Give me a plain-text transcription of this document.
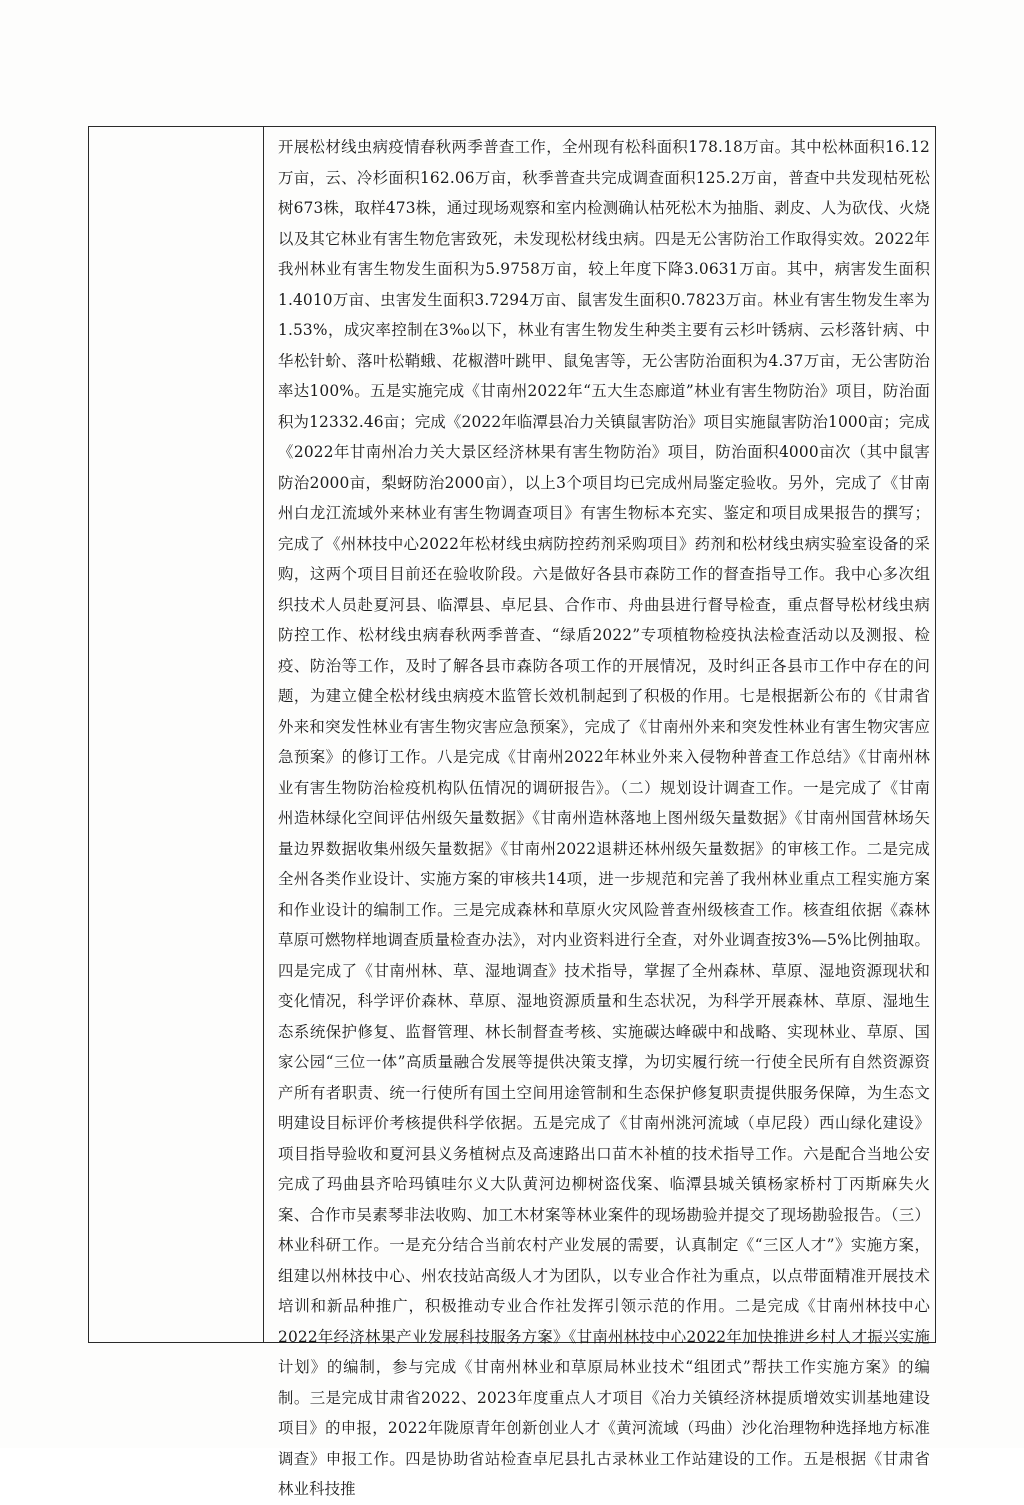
开展松材线虫病疫情春秋两季普查工作，全州现有松科面积178.18万亩。其中松林面积16.12万亩，云、冷杉面积162.06万亩，秋季普查共完成调查面积125.2万亩，普查中共发现枯死松树673株，取样473株，通过现场观察和室内检测确认枯死松木为抽脂、剥皮、人为砍伐、火烧以及其它林业有害生物危害致死，未发现松材线虫病。四是无公害防治工作取得实效。2022年我州林业有害生物发生面积为5.9758万亩，较上年度下降3.0631万亩。其中，病害发生面积1.4010万亩、虫害发生面积3.7294万亩、鼠害发生面积0.7823万亩。林业有害生物发生率为1.53%，成灾率控制在3‰以下，林业有害生物发生种类主要有云杉叶锈病、云杉落针病、中华松针蚧、落叶松鞘蛾、花椒潜叶跳甲、鼠兔害等，无公害防治面积为4.37万亩，无公害防治率达100%。五是实施完成《甘南州2022年“五大生态廊道”林业有害生物防治》项目，防治面积为12332.46亩；完成《2022年临潭县冶力关镇鼠害防治》项目实施鼠害防治1000亩；完成《2022年甘南州冶力关大景区经济林果有害生物防治》项目，防治面积4000亩次（其中鼠害防治2000亩，梨蚜防治2000亩），以上3个项目均已完成州局鉴定验收。另外，完成了《甘南州白龙江流域外来林业有害生物调查项目》有害生物标本充实、鉴定和项目成果报告的撰写；完成了《州林技中心2022年松材线虫病防控药剂采购项目》药剂和松材线虫病实验室设备的采购，这两个项目目前还在验收阶段。六是做好各县市森防工作的督查指导工作。我中心多次组织技术人员赴夏河县、临潭县、卓尼县、合作市、舟曲县进行督导检查，重点督导松材线虫病防控工作、松材线虫病春秋两季普查、“绿盾2022”专项植物检疫执法检查活动以及测报、检疫、防治等工作，及时了解各县市森防各项工作的开展情况，及时纠正各县市工作中存在的问题，为建立健全松材线虫病疫木监管长效机制起到了积极的作用。七是根据新公布的《甘肃省外来和突发性林业有害生物灾害应急预案》，完成了《甘南州外来和突发性林业有害生物灾害应急预案》的修订工作。八是完成《甘南州2022年林业外来入侵物种普查工作总结》《甘南州林业有害生物防治检疫机构队伍情况的调研报告》。（二）规划设计调查工作。一是完成了《甘南州造林绿化空间评估州级矢量数据》《甘南州造林落地上图州级矢量数据》《甘南州国营林场矢量边界数据收集州级矢量数据》《甘南州2022退耕还林州级矢量数据》的审核工作。二是完成全州各类作业设计、实施方案的审核共14项，进一步规范和完善了我州林业重点工程实施方案和作业设计的编制工作。三是完成森林和草原火灾风险普查州级核查工作。核查组依据《森林草原可燃物样地调查质量检查办法》，对内业资料进行全查，对外业调查按3%—5%比例抽取。四是完成了《甘南州林、草、湿地调查》技术指导，掌握了全州森林、草原、湿地资源现状和变化情况，科学评价森林、草原、湿地资源质量和生态状况，为科学开展森林、草原、湿地生态系统保护修复、监督管理、林长制督查考核、实施碳达峰碳中和战略、实现林业、草原、国家公园“三位一体”高质量融合发展等提供决策支撑，为切实履行统一行使全民所有自然资源资产所有者职责、统一行使所有国土空间用途管制和生态保护修复职责提供服务保障，为生态文明建设目标评价考核提供科学依据。五是完成了《甘南州洮河流域（卓尼段）西山绿化建设》项目指导验收和夏河县义务植树点及高速路出口苗木补植的技术指导工作。六是配合当地公安完成了玛曲县齐哈玛镇哇尔义大队黄河边柳树盗伐案、临潭县城关镇杨家桥村丁丙斯麻失火案、合作市吴素琴非法收购、加工木材案等林业案件的现场勘验并提交了现场勘验报告。（三）林业科研工作。一是充分结合当前农村产业发展的需要，认真制定《“三区人才”》实施方案，组建以州林技中心、州农技站高级人才为团队，以专业合作社为重点，以点带面精准开展技术培训和新品种推广，积极推动专业合作社发挥引领示范的作用。二是完成《甘南州林技中心2022年经济林果产业发展科技服务方案》《甘南州林技中心2022年加快推进乡村人才振兴实施计划》的编制，参与完成《甘南州林业和草原局林业技术“组团式”帮扶工作实施方案》的编制。三是完成甘肃省2022、2023年度重点人才项目《冶力关镇经济林提质增效实训基地建设项目》的申报，2022年陇原青年创新创业人才《黄河流域（玛曲）沙化治理物种选择地方标准调查》申报工作。四是协助省站检查卓尼县扎古录林业工作站建设的工作。五是根据《甘肃省林业科技推
